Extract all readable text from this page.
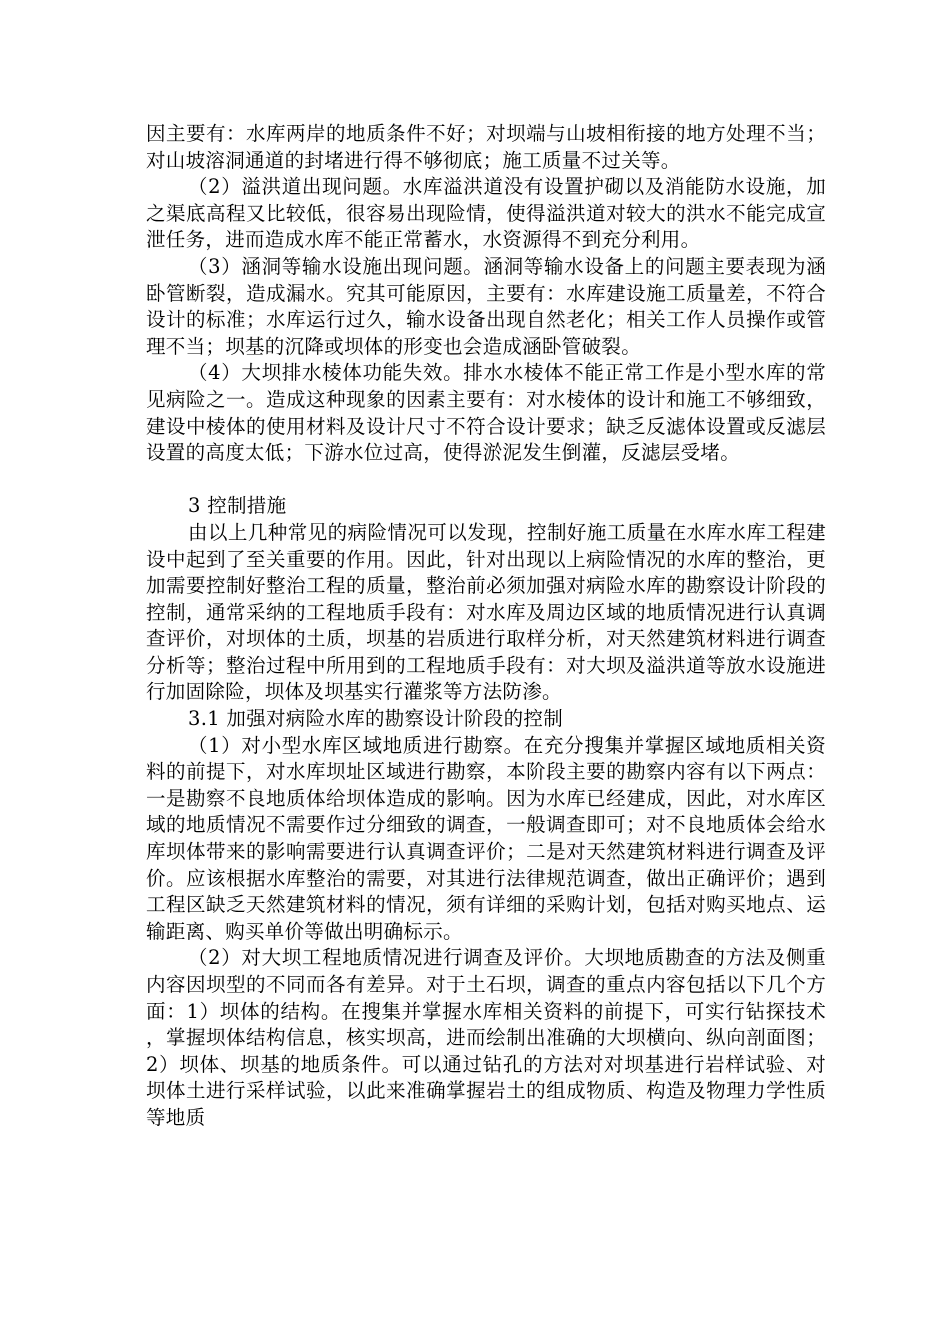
因主要有：水库两岸的地质条件不好；对坝端与山坡相衔接的地方处理不当；对山坡溶洞通道的封堵进行得不够彻底；施工质量不过关等。

（2）溢洪道出现问题。水库溢洪道没有设置护砌以及消能防水设施，加之渠底高程又比较低，很容易出现险情，使得溢洪道对较大的洪水不能完成宣泄任务，进而造成水库不能正常蓄水，水资源得不到充分利用。

（3）涵洞等输水设施出现问题。涵洞等输水设备上的问题主要表现为涵卧管断裂，造成漏水。究其可能原因，主要有：水库建设施工质量差，不符合设计的标准；水库运行过久，输水设备出现自然老化；相关工作人员操作或管理不当；坝基的沉降或坝体的形变也会造成涵卧管破裂。

（4）大坝排水棱体功能失效。排水水棱体不能正常工作是小型水库的常见病险之一。造成这种现象的因素主要有：对水棱体的设计和施工不够细致，建设中棱体的使用材料及设计尺寸不符合设计要求；缺乏反滤体设置或反滤层设置的高度太低；下游水位过高，使得淤泥发生倒灌，反滤层受堵。

3 控制措施

由以上几种常见的病险情况可以发现，控制好施工质量在水库水库工程建设中起到了至关重要的作用。因此，针对出现以上病险情况的水库的整治，更加需要控制好整治工程的质量，整治前必须加强对病险水库的勘察设计阶段的控制，通常采纳的工程地质手段有：对水库及周边区域的地质情况进行认真调查评价，对坝体的土质，坝基的岩质进行取样分析，对天然建筑材料进行调查分析等；整治过程中所用到的工程地质手段有：对大坝及溢洪道等放水设施进行加固除险，坝体及坝基实行灌浆等方法防渗。

3.1 加强对病险水库的勘察设计阶段的控制

（1）对小型水库区域地质进行勘察。在充分搜集并掌握区域地质相关资料的前提下，对水库坝址区域进行勘察，本阶段主要的勘察内容有以下两点：一是勘察不良地质体给坝体造成的影响。因为水库已经建成，因此，对水库区域的地质情况不需要作过分细致的调查，一般调查即可；对不良地质体会给水库坝体带来的影响需要进行认真调查评价；二是对天然建筑材料进行调查及评价。应该根据水库整治的需要，对其进行法律规范调查，做出正确评价；遇到工程区缺乏天然建筑材料的情况，须有详细的采购计划，包括对购买地点、运输距离、购买单价等做出明确标示。

（2）对大坝工程地质情况进行调查及评价。大坝地质勘查的方法及侧重内容因坝型的不同而各有差异。对于土石坝，调查的重点内容包括以下几个方面：1）坝体的结构。在搜集并掌握水库相关资料的前提下，可实行钻探技术，掌握坝体结构信息，核实坝高，进而绘制出准确的大坝横向、纵向剖面图；2）坝体、坝基的地质条件。可以通过钻孔的方法对对坝基进行岩样试验、对坝体土进行采样试验，以此来准确掌握岩土的组成物质、构造及物理力学性质等地质
